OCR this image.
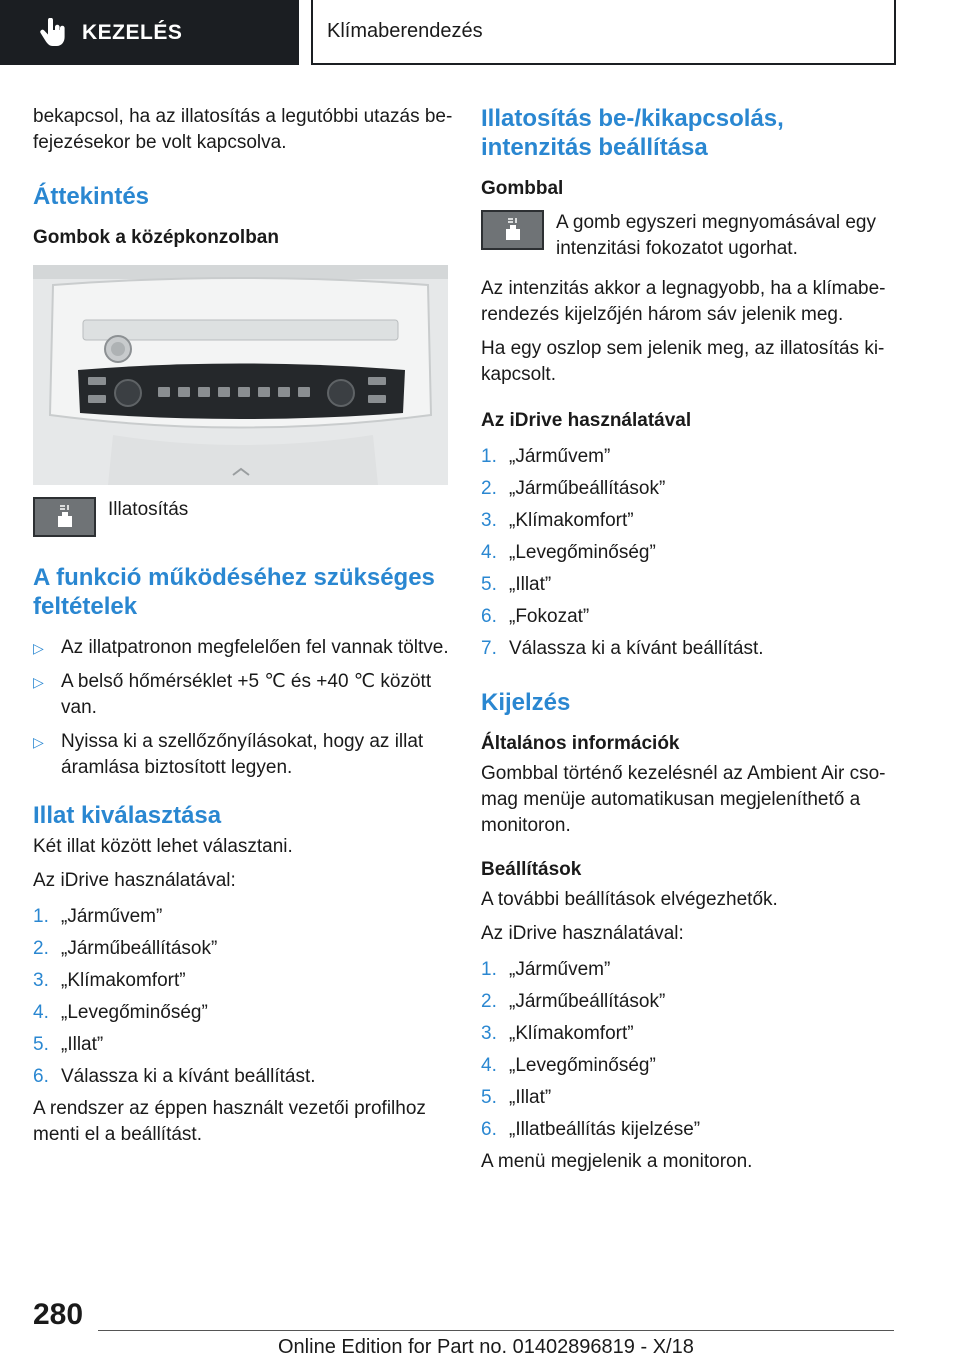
KEZELÉS	Klímaberendezés

bekapcsol, ha az illatosítás a legutóbbi utazás be-fejezésekor be volt kapcsolva.

Áttekintés
Gombok a középkonzolban
Illatosítás
A funkció működéséhez szükséges feltételek
▷ Az illatpatronon megfelelően fel vannak töltve.
▷ A belső hőmérséklet +5 ℃ és +40 ℃ között van.
▷ Nyissa ki a szellőzőnyílásokat, hogy az illat áramlása biztosított legyen.
Illat kiválasztása

Két illat között lehet választani.

Az iDrive használatával:

1. „Járművem”
2. „Járműbeállítások”
3. „Klímakomfort”
4. „Levegőminőség”
5. „Illat”
6. Válassza ki a kívánt beállítást.

A rendszer az éppen használt vezetői profilhoz menti el a beállítást.

Illatosítás be-/kikapcsolás, intenzitás beállítása
Gombbal
A gomb egyszeri megnyomásával egy intenzitási fokozatot ugorhat.

Az intenzitás akkor a legnagyobb, ha a klímabe-rendezés kijelzőjén három sáv jelenik meg.

Ha egy oszlop sem jelenik meg, az illatosítás ki-kapcsolt.

Az iDrive használatával
1. „Járművem”
2. „Járműbeállítások”
3. „Klímakomfort”
4. „Levegőminőség”
5. „Illat”
6. „Fokozat”
7. Válassza ki a kívánt beállítást.
Kijelzés
Általános információk

Gombbal történő kezelésnél az Ambient Air cso-mag menüje automatikusan megjeleníthető a monitoron.

Beállítások

A további beállítások elvégezhetők.

Az iDrive használatával:

1. „Járművem”
2. „Járműbeállítások”
3. „Klímakomfort”
4. „Levegőminőség”
5. „Illat”
6. „Illatbeállítás kijelzése”

A menü megjelenik a monitoron.

280
Online Edition for Part no. 01402896819 - X/18
